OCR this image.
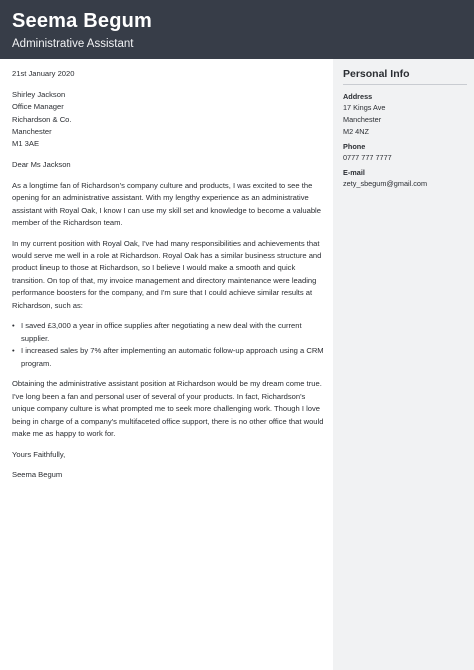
Seema Begum
Administrative Assistant

21st January 2020

Shirley Jackson
Office Manager
Richardson & Co.
Manchester
M1 3AE

Dear Ms Jackson

As a longtime fan of Richardson's company culture and products, I was excited to see the opening for an administrative assistant. With my lengthy experience as an administrative assistant with Royal Oak, I know I can use my skill set and knowledge to become a valuable member of the Richardson team.

In my current position with Royal Oak, I've had many responsibilities and achievements that would serve me well in a role at Richardson. Royal Oak has a similar business structure and product lineup to those at Richardson, so I believe I would make a smooth and quick transition. On top of that, my invoice management and directory maintenance were leading performance boosters for the company, and I'm sure that I could achieve similar results at Richardson, such as:

• I saved £3,000 a year in office supplies after negotiating a new deal with the current supplier.
• I increased sales by 7% after implementing an automatic follow-up approach using a CRM program.

Obtaining the administrative assistant position at Richardson would be my dream come true. I've long been a fan and personal user of several of your products. In fact, Richardson's unique company culture is what prompted me to seek more challenging work. Though I love being in charge of a company's multifaceted office support, there is no other office that would make me as happy to work for.

Yours Faithfully,

Seema Begum

Personal Info
Address
17 Kings Ave
Manchester
M2 4NZ
Phone
0777 777 7777
E-mail
zety_sbegum@gmail.com
